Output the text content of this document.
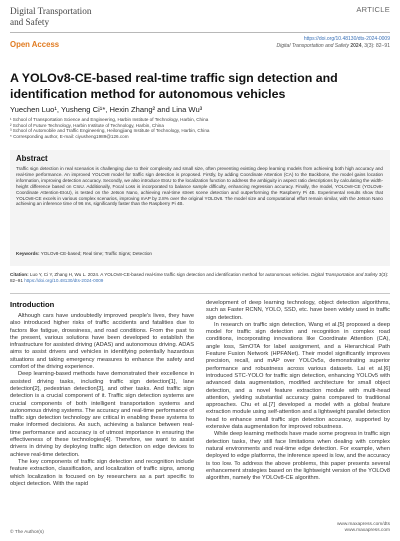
Digital Transportation
and Safety
ARTICLE
Open Access
https://doi.org/10.48130/dts-2024-0009
Digital Transportation and Safety 2024, 3(3): 82−91
A YOLOv8-CE-based real-time traffic sign detection and identification method for autonomous vehicles
Yuechen Luo¹, Yusheng Ci¹*, Hexin Zhang² and Lina Wu³
¹ School of Transportation Science and Engineering, Harbin Institute of Technology, Harbin, China
² School of Future Technology, Harbin Institute of Technology, Harbin, China
³ School of Automobile and Traffic Engineering, Heilongjiang Institute of Technology, Harbin, China
* Corresponding author, E-mail: ciyusheng1989@126.com
Abstract

Traffic sign detection in real scenarios is challenging due to their complexity and small size, often preventing existing deep learning models from achieving both high accuracy and real-time performance. An improved YOLOv8 model for traffic sign detection is proposed. Firstly, by adding Coordinate Attention (CA) to the Backbone, the model gains location information, improving detection accuracy. Secondly, we also introduce EIoU to the localization function to address the ambiguity in aspect ratio descriptions by calculating the width-height difference based on CIoU. Additionally, Focal Loss is incorporated to balance sample difficulty, enhancing regression accuracy. Finally, the model, YOLOv8-CE (YOLOv8-Coordinate Attention-EIoU), is tested on the Jetson Nano, achieving real-time street scene detection and outperforming the Raspberry Pi 4B. Experimental results show that YOLOv8-CE excels in various complex scenarios, improving mAP by 2.8% over the original YOLOv8. The model size and computational effort remain similar, with the Jetson Nano achieving an inference time of 96 ms, significantly faster than the Raspberry Pi 4B.

Keywords: YOLOv8-CE-based; Real time; Traffic Signs; Detection
Citation: Luo Y, Ci Y, Zhang H, Wu L. 2024. A YOLOv8-CE-based real-time traffic sign detection and identification method for autonomous vehicles. Digital Transportation and Safety 3(3): 82−91 https://doi.org/10.48130/dts-2024-0009
Introduction

Although cars have undoubtedly improved people's lives, they have also introduced higher risks of traffic accidents and fatalities due to factors like fatigue, drowsiness, and road conditions. From the past to the present, various solutions have been developed to establish the infrastructure for assisted driving (ADAS) and autonomous driving. ADAS aims to assist drivers and vehicles in identifying potentially hazardous situations and taking emergency measures to enhance the safety and comfort of the driving experience.

Deep learning-based methods have demonstrated their excellence in assisted driving tasks, including traffic sign detection[1], lane detection[2], pedestrian detection[3], and other tasks. And traffic sign detection is a crucial component of it. Traffic sign detection systems are crucial components of both intelligent transportation systems and autonomous driving systems. The accuracy and real-time performance of traffic sign detection technology are critical in enabling these systems to make informed decisions. As such, achieving a balance between real-time performance and accuracy is of utmost importance in ensuring the effectiveness of these technologies[4]. Therefore, we want to assist drivers in driving by deploying traffic sign detection on edge devices to achieve real-time detection.

The key components of traffic sign detection and recognition include feature extraction, classification, and localization of traffic signs, among which localization is focused on by researchers as a part specific to object detection. With the rapid

development of deep learning technology, object detection algorithms, such as Faster RCNN, YOLO, SSD, etc. have been widely used in traffic sign detection.

In research on traffic sign detection, Wang et al.[5] proposed a deep model for traffic sign detection and recognition in complex road conditions, incorporating innovations like Coordinate Attention (CA), angle loss, SimOTA for label assignment, and a Hierarchical Path Feature Fusion Network (HPFANet). Their model significantly improves precision, recall, and mAP over YOLOv5s, demonstrating superior performance and robustness across various datasets. Lai et al.[6] introduced STC-YOLO for traffic sign detection, enhancing YOLOv5 with advanced data augmentation, modified architecture for small object detection, and a novel feature extraction module with multi-head attention, yielding substantial accuracy gains compared to traditional approaches. Chu et al.[7] developed a model with a global feature extraction module using self-attention and a lightweight parallel detection head to enhance small traffic sign detection accuracy, supported by extensive data augmentation for improved robustness.

While deep learning methods have made some progress in traffic sign detection tasks, they still face limitations when dealing with complex natural environments and real-time edge detection. For example, when deployed to edge platforms, the inference speed is low, and the accuracy is too low. To address the above problems, this paper presents several enhancement strategies based on the lightweight version of the YOLOv8 algorithm, namely the YOLOv8-CE algorithm.

© The Author(s)
www.maxapress.com/dts
www.maxapress.com
